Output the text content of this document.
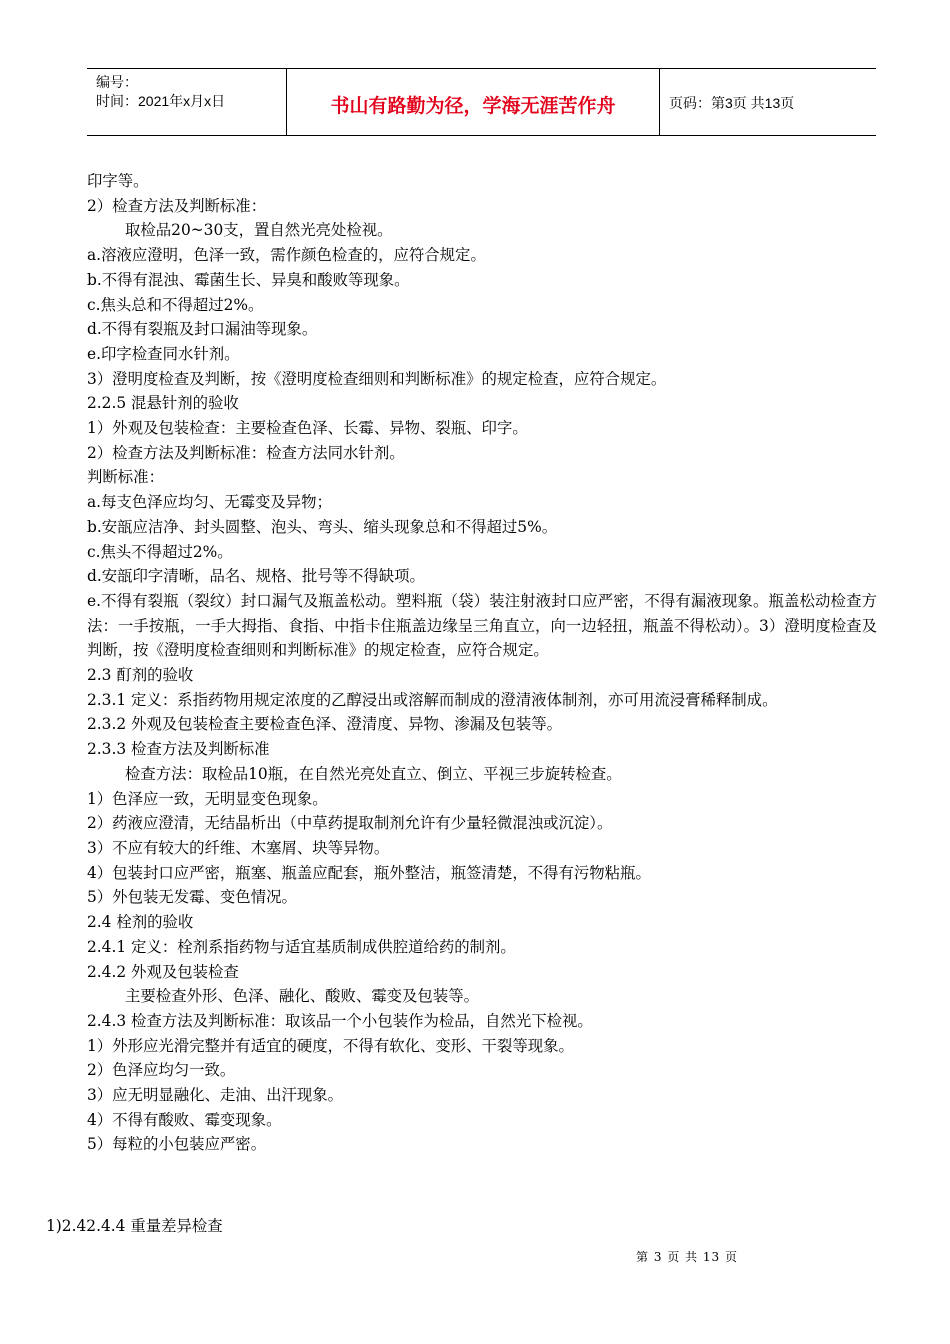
编号：
时间：2021年x月x日	书山有路勤为径，学海无涯苦作舟	页码：第3页 共13页

印字等。

2）检查方法及判断标准：

取检品20~30支，置自然光亮处检视。

a.溶液应澄明，色泽一致，需作颜色检查的，应符合规定。

b.不得有混浊、霉菌生长、异臭和酸败等现象。

c.焦头总和不得超过2%。

d.不得有裂瓶及封口漏油等现象。

e.印字检查同水针剂。

3）澄明度检查及判断，按《澄明度检查细则和判断标准》的规定检查，应符合规定。

2.2.5 混悬针剂的验收

1）外观及包装检查：主要检查色泽、长霉、异物、裂瓶、印字。

2）检查方法及判断标准：检查方法同水针剂。

判断标准：

a.每支色泽应均匀、无霉变及异物；

b.安瓿应洁净、封头圆整、泡头、弯头、缩头现象总和不得超过5%。

c.焦头不得超过2%。

d.安瓿印字清晰，品名、规格、批号等不得缺项。

e.不得有裂瓶（裂纹）封口漏气及瓶盖松动。塑料瓶（袋）装注射液封口应严密，不得有漏液现象。瓶盖松动检查方法：一手按瓶，一手大拇指、食指、中指卡住瓶盖边缘呈三角直立，向一边轻扭，瓶盖不得松动）。3）澄明度检查及判断，按《澄明度检查细则和判断标准》的规定检查，应符合规定。

2.3 酊剂的验收

2.3.1 定义：系指药物用规定浓度的乙醇浸出或溶解而制成的澄清液体制剂，亦可用流浸膏稀释制成。

2.3.2 外观及包装检查主要检查色泽、澄清度、异物、渗漏及包装等。

2.3.3 检查方法及判断标准

检查方法：取检品10瓶，在自然光亮处直立、倒立、平视三步旋转检查。

1）色泽应一致，无明显变色现象。

2）药液应澄清，无结晶析出（中草药提取制剂允许有少量轻微混浊或沉淀）。

3）不应有较大的纤维、木塞屑、块等异物。

4）包装封口应严密，瓶塞、瓶盖应配套，瓶外整洁，瓶签清楚，不得有污物粘瓶。

5）外包装无发霉、变色情况。

2.4 栓剂的验收

2.4.1 定义：栓剂系指药物与适宜基质制成供腔道给药的制剂。

2.4.2 外观及包装检查

主要检查外形、色泽、融化、酸败、霉变及包装等。

2.4.3 检查方法及判断标准：取该品一个小包装作为检品，自然光下检视。

1）外形应光滑完整并有适宜的硬度，不得有软化、变形、干裂等现象。

2）色泽应均匀一致。

3）应无明显融化、走油、出汗现象。

4）不得有酸败、霉变现象。

5）每粒的小包装应严密。

1)2.42.4.4 重量差异检查
第 3 页 共 13 页
